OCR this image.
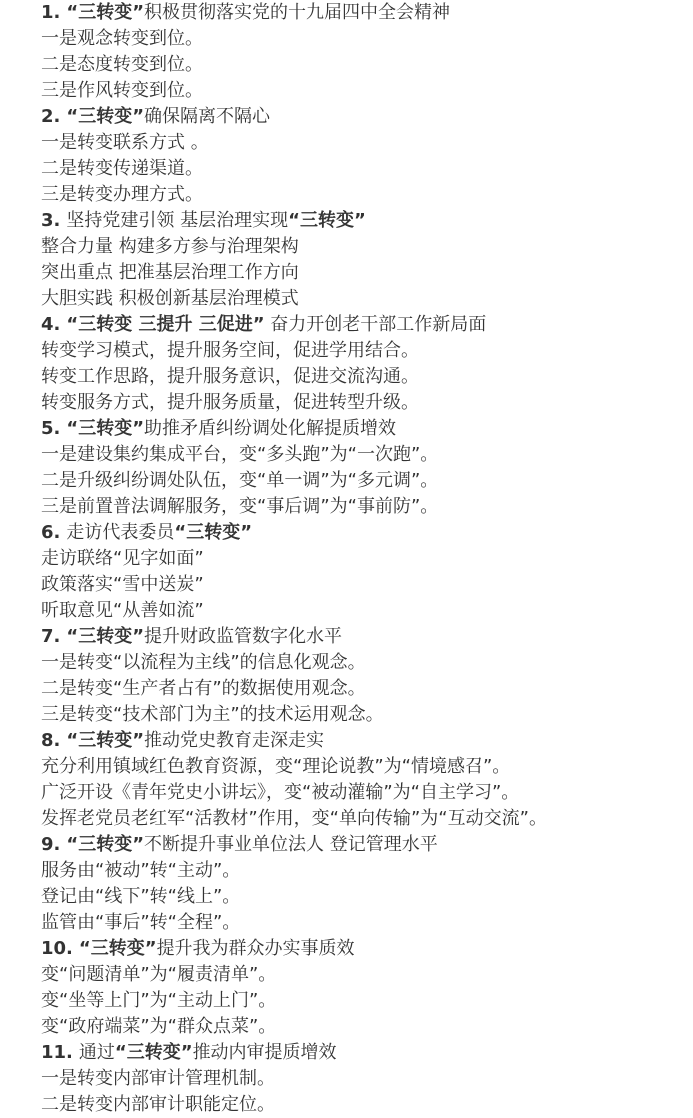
1. “三转变”积极贯彻落实党的十九届四中全会精神
一是观念转变到位。
二是态度转变到位。
三是作风转变到位。
2. “三转变”确保隔离不隔心
一是转变联系方式 。
二是转变传递渠道。
三是转变办理方式。
3. 坚持党建引领 基层治理实现“三转变”
整合力量 构建多方参与治理架构
突出重点 把准基层治理工作方向
大胆实践 积极创新基层治理模式
4. “三转变 三提升 三促进” 奋力开创老干部工作新局面
转变学习模式，提升服务空间，促进学用结合。
转变工作思路，提升服务意识，促进交流沟通。
转变服务方式，提升服务质量，促进转型升级。
5. “三转变”助推矛盾纠纷调处化解提质增效
一是建设集约集成平台，变“多头跑”为“一次跑”。
二是升级纠纷调处队伍，变“单一调”为“多元调”。
三是前置普法调解服务，变“事后调”为“事前防”。
6. 走访代表委员“三转变”
走访联络“见字如面”
政策落实“雪中送炭”
听取意见“从善如流”
7. “三转变”提升财政监管数字化水平
一是转变“以流程为主线”的信息化观念。
二是转变“生产者占有”的数据使用观念。
三是转变“技术部门为主”的技术运用观念。
8. “三转变”推动党史教育走深走实
充分利用镇域红色教育资源，变“理论说教”为“情境感召”。
广泛开设《青年党史小讲坛》，变“被动灌输”为“自主学习”。
发挥老党员老红军“活教材”作用，变“单向传输”为“互动交流”。
9. “三转变”不断提升事业单位法人 登记管理水平
服务由“被动”转“主动”。
登记由“线下”转“线上”。
监管由“事后”转“全程”。
10. “三转变”提升我为群众办实事质效
变“问题清单”为“履责清单”。
变“坐等上门”为“主动上门”。
变“政府端菜”为“群众点菜”。
11. 通过“三转变”推动内审提质增效
一是转变内部审计管理机制。
二是转变内部审计职能定位。
